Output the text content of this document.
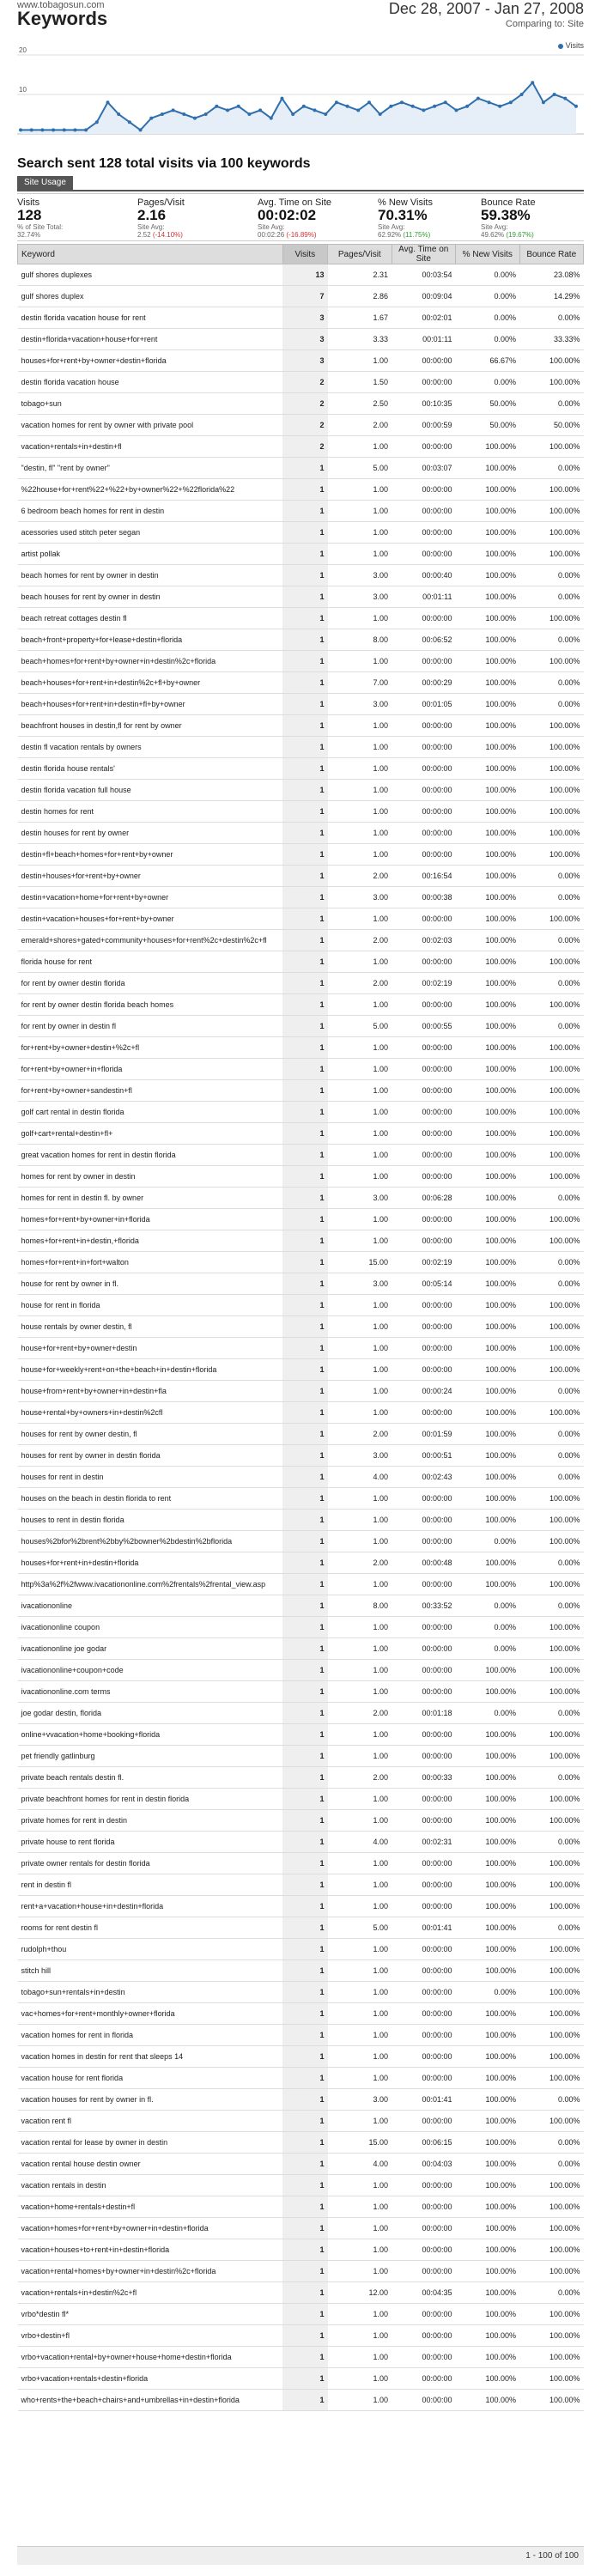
www.tobagosun.com
Keywords	Dec 28, 2007 - Jan 27, 2008
Comparing to: Site
20
10
Visits
Search sent 128 total visits via 100 keywords
Site Usage
Visits
128
% of Site Total:
32.74%
Pages/Visit
2.16
Site Avg:
2.52 (-14.10%)
Avg. Time on Site
00:02:02
Site Avg:
00:02:26 (-16.89%)
% New Visits
70.31%
Site Avg:
62.92% (11.75%)
Bounce Rate
59.38%
Site Avg:
49.62% (19.67%)
Keyword	Visits	Pages/Visit	Avg. Time on Site	% New Visits	Bounce Rate
gulf shores duplexes	13	2.31	00:03:54	0.00%	23.08%
gulf shores duplex	7	2.86	00:09:04	0.00%	14.29%
destin florida vacation house for rent	3	1.67	00:02:01	0.00%	0.00%
destin+florida+vacation+house+for+rent	3	3.33	00:01:11	0.00%	33.33%
houses+for+rent+by+owner+destin+florida	3	1.00	00:00:00	66.67%	100.00%
destin florida vacation house	2	1.50	00:00:00	0.00%	100.00%
tobago+sun	2	2.50	00:10:35	50.00%	0.00%
vacation homes for rent by owner with private pool	2	2.00	00:00:59	50.00%	50.00%
vacation+rentals+in+destin+fl	2	1.00	00:00:00	100.00%	100.00%
"destin, fl" "rent by owner"	1	5.00	00:03:07	100.00%	0.00%
%22house+for+rent%22+%22+by+owner%22+%22florida%22	1	1.00	00:00:00	100.00%	100.00%
6 bedroom beach homes for rent in destin	1	1.00	00:00:00	100.00%	100.00%
acessories used stitch peter segan	1	1.00	00:00:00	100.00%	100.00%
artist pollak	1	1.00	00:00:00	100.00%	100.00%
beach homes for rent by owner in destin	1	3.00	00:00:40	100.00%	0.00%
beach houses for rent by owner in destin	1	3.00	00:01:11	100.00%	0.00%
beach retreat cottages destin fl	1	1.00	00:00:00	100.00%	100.00%
beach+front+property+for+lease+destin+florida	1	8.00	00:06:52	100.00%	0.00%
beach+homes+for+rent+by+owner+in+destin%2c+florida	1	1.00	00:00:00	100.00%	100.00%
beach+houses+for+rent+in+destin%2c+fl+by+owner	1	7.00	00:00:29	100.00%	0.00%
beach+houses+for+rent+in+destin+fl+by+owner	1	3.00	00:01:05	100.00%	0.00%
beachfront houses in destin,fl for rent by owner	1	1.00	00:00:00	100.00%	100.00%
destin fl vacation rentals by owners	1	1.00	00:00:00	100.00%	100.00%
destin florida house rentals'	1	1.00	00:00:00	100.00%	100.00%
destin florida vacation full house	1	1.00	00:00:00	100.00%	100.00%
destin homes for rent	1	1.00	00:00:00	100.00%	100.00%
destin houses for rent by owner	1	1.00	00:00:00	100.00%	100.00%
destin+fl+beach+homes+for+rent+by+owner	1	1.00	00:00:00	100.00%	100.00%
destin+houses+for+rent+by+owner	1	2.00	00:16:54	100.00%	0.00%
destin+vacation+home+for+rent+by+owner	1	3.00	00:00:38	100.00%	0.00%
destin+vacation+houses+for+rent+by+owner	1	1.00	00:00:00	100.00%	100.00%
emerald+shores+gated+community+houses+for+rent%2c+destin%2c+fl	1	2.00	00:02:03	100.00%	0.00%
florida house for rent	1	1.00	00:00:00	100.00%	100.00%
for rent by owner destin florida	1	2.00	00:02:19	100.00%	0.00%
for rent by owner destin florida beach homes	1	1.00	00:00:00	100.00%	100.00%
for rent by owner in destin fl	1	5.00	00:00:55	100.00%	0.00%
for+rent+by+owner+destin+%2c+fl	1	1.00	00:00:00	100.00%	100.00%
for+rent+by+owner+in+florida	1	1.00	00:00:00	100.00%	100.00%
for+rent+by+owner+sandestin+fl	1	1.00	00:00:00	100.00%	100.00%
golf cart rental in destin florida	1	1.00	00:00:00	100.00%	100.00%
golf+cart+rental+destin+fl+	1	1.00	00:00:00	100.00%	100.00%
great vacation homes for rent in destin florida	1	1.00	00:00:00	100.00%	100.00%
homes for rent by owner in destin	1	1.00	00:00:00	100.00%	100.00%
homes for rent in destin fl. by owner	1	3.00	00:06:28	100.00%	0.00%
homes+for+rent+by+owner+in+florida	1	1.00	00:00:00	100.00%	100.00%
homes+for+rent+in+destin,+florida	1	1.00	00:00:00	100.00%	100.00%
homes+for+rent+in+fort+walton	1	15.00	00:02:19	100.00%	0.00%
house for rent by owner in fl.	1	3.00	00:05:14	100.00%	0.00%
house for rent in florida	1	1.00	00:00:00	100.00%	100.00%
house rentals by owner destin, fl	1	1.00	00:00:00	100.00%	100.00%
house+for+rent+by+owner+destin	1	1.00	00:00:00	100.00%	100.00%
house+for+weekly+rent+on+the+beach+in+destin+florida	1	1.00	00:00:00	100.00%	100.00%
house+from+rent+by+owner+in+destin+fla	1	1.00	00:00:24	100.00%	0.00%
house+rental+by+owners+in+destin%2cfl	1	1.00	00:00:00	100.00%	100.00%
houses for rent by owner destin, fl	1	2.00	00:01:59	100.00%	0.00%
houses for rent by owner in destin florida	1	3.00	00:00:51	100.00%	0.00%
houses for rent in destin	1	4.00	00:02:43	100.00%	0.00%
houses on the beach in destin florida to rent	1	1.00	00:00:00	100.00%	100.00%
houses to rent in destin florida	1	1.00	00:00:00	100.00%	100.00%
houses%2bfor%2brent%2bby%2bowner%2bdestin%2bflorida	1	1.00	00:00:00	0.00%	100.00%
houses+for+rent+in+destin+florida	1	2.00	00:00:48	100.00%	0.00%
http%3a%2f%2fwww.ivacationonline.com%2frentals%2frental_view.asp	1	1.00	00:00:00	100.00%	100.00%
ivacationonline	1	8.00	00:33:52	0.00%	0.00%
ivacationonline coupon	1	1.00	00:00:00	0.00%	100.00%
ivacationonline joe godar	1	1.00	00:00:00	0.00%	100.00%
ivacationonline+coupon+code	1	1.00	00:00:00	100.00%	100.00%
ivacationonline.com terms	1	1.00	00:00:00	100.00%	100.00%
joe godar destin, florida	1	2.00	00:01:18	0.00%	0.00%
online+vvacation+home+booking+florida	1	1.00	00:00:00	100.00%	100.00%
pet friendly gatlinburg	1	1.00	00:00:00	100.00%	100.00%
private beach rentals destin fl.	1	2.00	00:00:33	100.00%	0.00%
private beachfront homes for rent in destin florida	1	1.00	00:00:00	100.00%	100.00%
private homes for rent in destin	1	1.00	00:00:00	100.00%	100.00%
private house to rent florida	1	4.00	00:02:31	100.00%	0.00%
private owner rentals for destin florida	1	1.00	00:00:00	100.00%	100.00%
rent in destin fl	1	1.00	00:00:00	100.00%	100.00%
rent+a+vacation+house+in+destin+florida	1	1.00	00:00:00	100.00%	100.00%
rooms for rent destin fl	1	5.00	00:01:41	100.00%	0.00%
rudolph+thou	1	1.00	00:00:00	100.00%	100.00%
stitch hill	1	1.00	00:00:00	100.00%	100.00%
tobago+sun+rentals+in+destin	1	1.00	00:00:00	0.00%	100.00%
vac+homes+for+rent+monthly+owner+florida	1	1.00	00:00:00	100.00%	100.00%
vacation homes for rent in florida	1	1.00	00:00:00	100.00%	100.00%
vacation homes in destin for rent that sleeps 14	1	1.00	00:00:00	100.00%	100.00%
vacation house for rent florida	1	1.00	00:00:00	100.00%	100.00%
vacation houses for rent by owner in fl.	1	3.00	00:01:41	100.00%	0.00%
vacation rent fl	1	1.00	00:00:00	100.00%	100.00%
vacation rental for lease by owner in destin	1	15.00	00:06:15	100.00%	0.00%
vacation rental house destin owner	1	4.00	00:04:03	100.00%	0.00%
vacation rentals in destin	1	1.00	00:00:00	100.00%	100.00%
vacation+home+rentals+destin+fl	1	1.00	00:00:00	100.00%	100.00%
vacation+homes+for+rent+by+owner+in+destin+florida	1	1.00	00:00:00	100.00%	100.00%
vacation+houses+to+rent+in+destin+florida	1	1.00	00:00:00	100.00%	100.00%
vacation+rental+homes+by+owner+in+destin%2c+florida	1	1.00	00:00:00	100.00%	100.00%
vacation+rentals+in+destin%2c+fl	1	12.00	00:04:35	100.00%	0.00%
vrbo*destin fl*	1	1.00	00:00:00	100.00%	100.00%
vrbo+destin+fl	1	1.00	00:00:00	100.00%	100.00%
vrbo+vacation+rental+by+owner+house+home+destin+florida	1	1.00	00:00:00	100.00%	100.00%
vrbo+vacation+rentals+destin+florida	1	1.00	00:00:00	100.00%	100.00%
who+rents+the+beach+chairs+and+umbrellas+in+destin+florida	1	1.00	00:00:00	100.00%	100.00%
1 - 100 of 100
